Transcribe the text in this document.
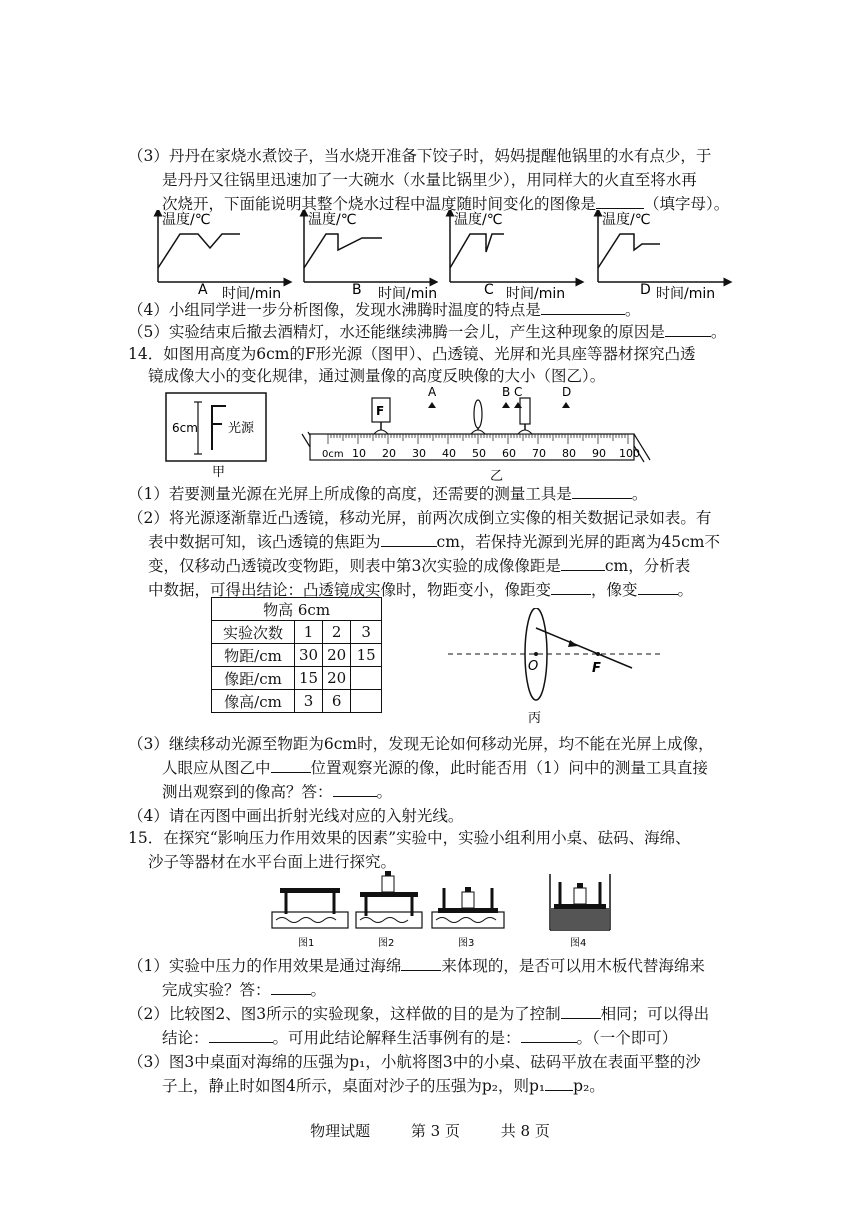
（3）丹丹在家烧水煮饺子，当水烧开准备下饺子时，妈妈提醒他锅里的水有点少，于
是丹丹又往锅里迅速加了一大碗水（水量比锅里少），用同样大的火直至将水再
次烧开，下面能说明其整个烧水过程中温度随时间变化的图像是	（填字母）。
温度/℃
时间/min
A
温度/℃
时间/min
B
温度/℃
时间/min
C
温度/℃
时间/min
D
（4）小组同学进一步分析图像，发现水沸腾时温度的特点是	。
（5）实验结束后撤去酒精灯，水还能继续沸腾一会儿，产生这种现象的原因是	。
14．如图用高度为6cm的F形光源（图甲）、凸透镜、光屏和光具座等器材探究凸透
镜成像大小的变化规律，通过测量像的高度反映像的大小（图乙）。
6cm 光源
甲
0cm 10 20 30 40 50 60 70 80 90 100
F
A	B C	D
乙
（1）若要测量光源在光屏上所成像的高度，还需要的测量工具是	。
（2）将光源逐渐靠近凸透镜，移动光屏，前两次成倒立实像的相关数据记录如表。有
表中数据可知，该凸透镜的焦距为	cm，若保持光源到光屏的距离为45cm不
变，仅移动凸透镜改变物距，则表中第3次实验的成像像距是	cm，分析表
中数据，可得出结论：凸透镜成实像时，物距变小，像距变	，像变	。
物高 6cm			
实验次数	1	2	3
物距/cm	30	20	15
像距/cm	15	20	
像高/cm	3	6	
O	F
丙
（3）继续移动光源至物距为6cm时，发现无论如何移动光屏，均不能在光屏上成像，
人眼应从图乙中	位置观察光源的像，此时能否用（1）问中的测量工具直接
测出观察到的像高？答：	。
（4）请在丙图中画出折射光线对应的入射光线。
15．在探究“影响压力作用效果的因素”实验中，实验小组利用小桌、砝码、海绵、
沙子等器材在水平台面上进行探究。
图1	图2	图3	图4
（1）实验中压力的作用效果是通过海绵	来体现的，是否可以用木板代替海绵来
完成实验？答：	。
（2）比较图2、图3所示的实验现象，这样做的目的是为了控制	相同；可以得出
结论：	。可用此结论解释生活事例有的是：	。（一个即可）
（3）图3中桌面对海绵的压强为p₁，小航将图3中的小桌、砝码平放在表面平整的沙
子上，静止时如图4所示，桌面对沙子的压强为p₂，则p₁ p₂。
物理试题	第 3 页	共 8 页
